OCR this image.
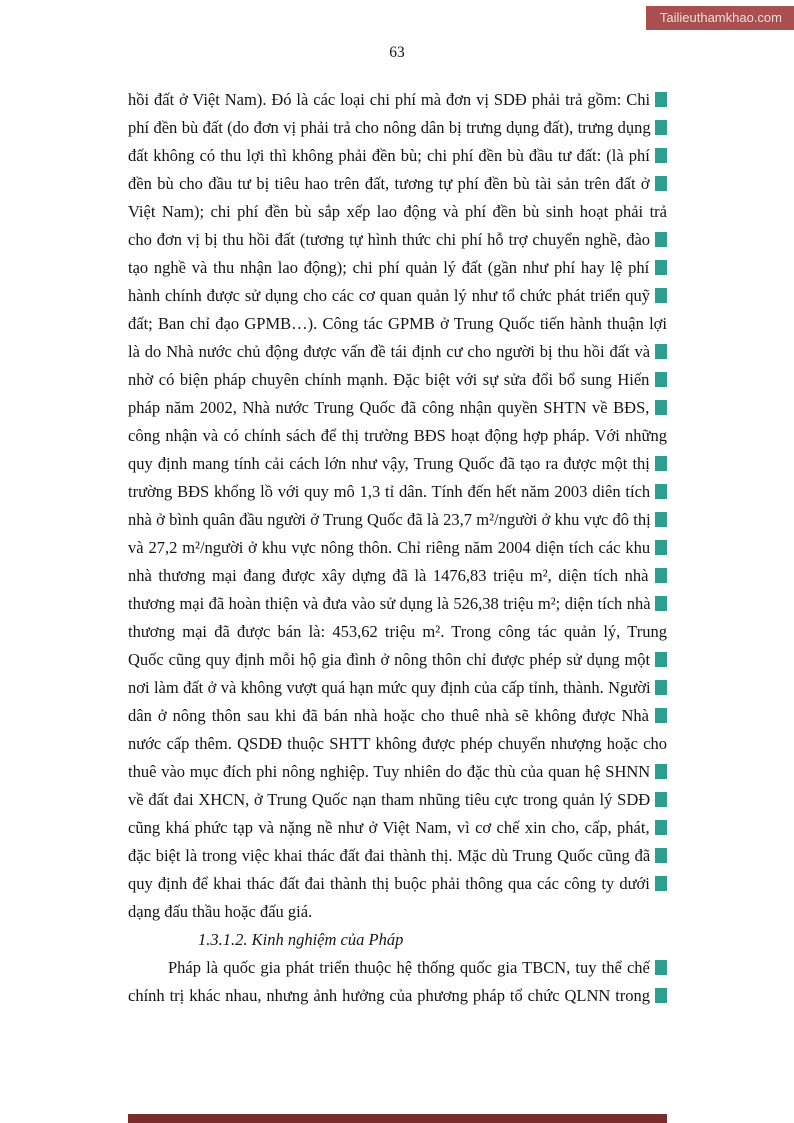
Tailieuthamkhao.com
63
hồi đất ở Việt Nam). Đó là các loại chi phí mà đơn vị SDĐ phải trả gồm: Chi
phí đền bù đất (do đơn vị phải trả cho nông dân bị trưng dụng đất), trưng dụng
đất không có thu lợi thì không phải đền bù; chi phí đền bù đầu tư đất: (là phí
đền bù cho đầu tư bị tiêu hao trên đất, tương tự phí đền bù tài sản trên đất ở
Việt Nam); chi phí đền bù sắp xếp lao động và phí đền bù sinh hoạt phải trả
cho đơn vị bị thu hồi đất (tương tự hình thức chi phí hỗ trợ chuyển nghề, đào
tạo nghề và thu nhận lao động); chi phí quản lý đất (gần như phí hay lệ phí
hành chính được sử dụng cho các cơ quan quản lý như tổ chức phát triển quỹ
đất; Ban chỉ đạo GPMB…). Công tác GPMB ở Trung Quốc tiến hành thuận lợi
là do Nhà nước chủ động được vấn đề tái định cư cho người bị thu hồi đất và
nhờ có biện pháp chuyên chính mạnh. Đặc biệt với sự sửa đổi bổ sung Hiến
pháp năm 2002, Nhà nước Trung Quốc đã công nhận quyền SHTN về BĐS,
công nhận và có chính sách để thị trường BĐS hoạt động hợp pháp. Với những
quy định mang tính cải cách lớn như vậy, Trung Quốc đã tạo ra được một thị
trường BĐS khổng lồ với quy mô 1,3 tỉ dân. Tính đến hết năm 2003 diên tích
nhà ở bình quân đầu người ở Trung Quốc đã là 23,7 m²/người ở khu vực đô thị
và 27,2 m²/người ở khu vực nông thôn. Chỉ riêng năm 2004 diện tích các khu
nhà thương mại đang được xây dựng đã là 1476,83 triệu m², diện tích nhà
thương mại đã hoàn thiện và đưa vào sử dụng là 526,38 triệu m²; diện tích nhà
thương mại đã được bán là: 453,62 triệu m². Trong công tác quản lý, Trung
Quốc cũng quy định mỗi hộ gia đình ở nông thôn chỉ được phép sử dụng một
nơi làm đất ở và không vượt quá hạn mức quy định của cấp tỉnh, thành. Người
dân ở nông thôn sau khi đã bán nhà hoặc cho thuê nhà sẽ không được Nhà
nước cấp thêm. QSDĐ thuộc SHTT không được phép chuyển nhượng hoặc cho
thuê vào mục đích phi nông nghiệp. Tuy nhiên do đặc thù của quan hệ SHNN
về đất đai XHCN, ở Trung Quốc nạn tham nhũng tiêu cực trong quản lý SDĐ
cũng khá phức tạp và nặng nề như ở Việt Nam, vì cơ chế xin cho, cấp, phát,
đặc biệt là trong việc khai thác đất đai thành thị. Mặc dù Trung Quốc cũng đã
quy định để khai thác đất đai thành thị buộc phải thông qua các công ty dưới
dạng đấu thầu hoặc đấu giá.
1.3.1.2. Kinh nghiệm của Pháp
Pháp là quốc gia phát triển thuộc hệ thống quốc gia TBCN, tuy thể chế
chính trị khác nhau, nhưng ảnh hưởng của phương pháp tổ chức QLNN trong
